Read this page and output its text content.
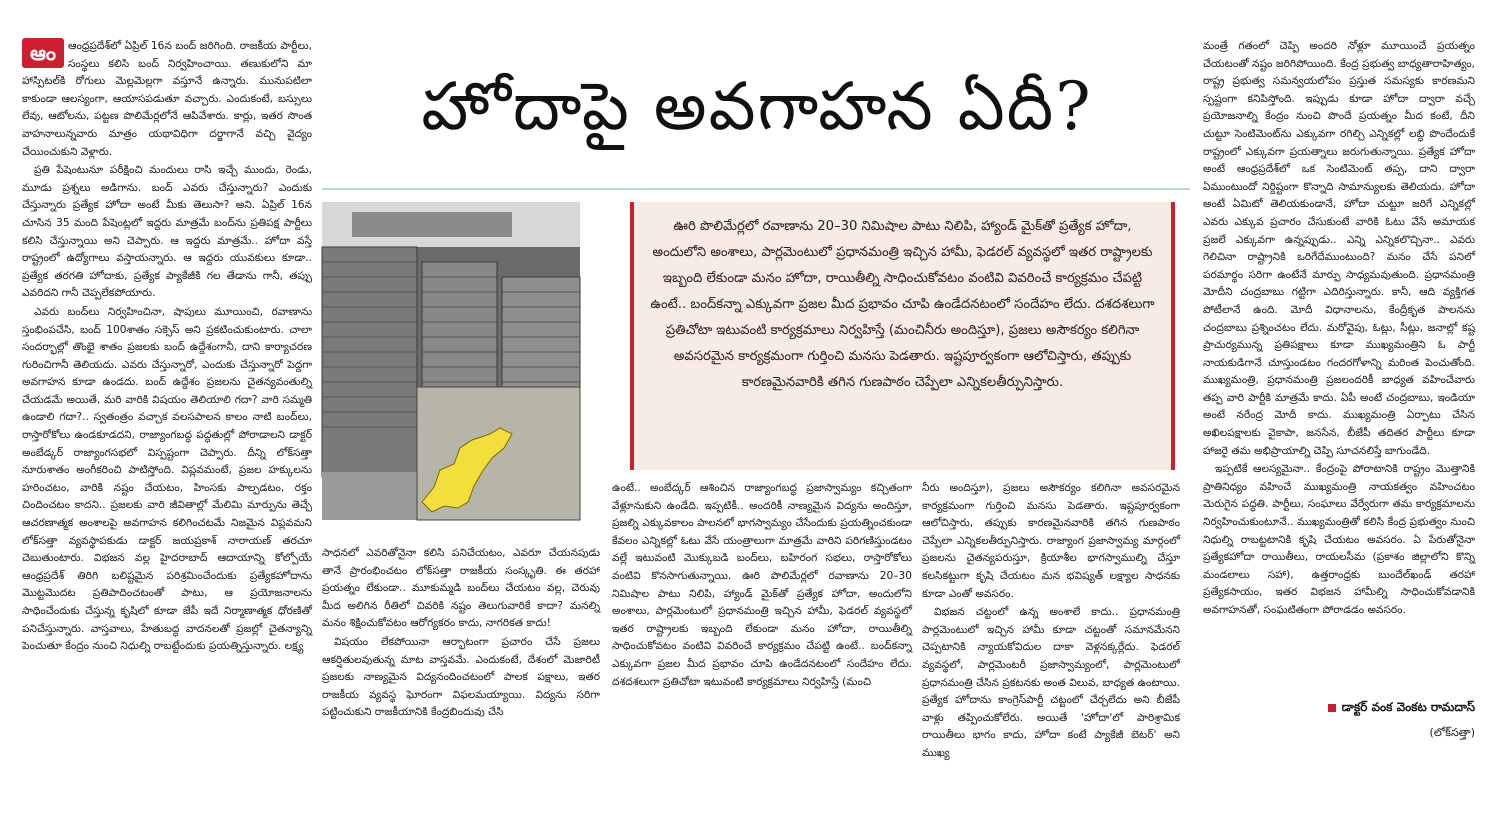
ఆం	ఆంధ్రప్రదేశ్‌లో ఏప్రిల్ 16న బంద్ జరిగింది. రాజకీయ పార్టీలు, సంస్థలు కలిసి బంద్ నిర్వహించాయి. తణుకులోని మా హాస్పిటల్‌కి రోగులు మెల్లమెల్లగా వస్తూనే ఉన్నారు. మునుపటిలా కాకుండా ఆలస్యంగా, ఆయాసపడుతూ వచ్చారు. ఎందుకంటే, బస్సులు లేవు, ఆటోలను, పట్టణ పొలిమేర్లలోనే ఆపివేశారు. కార్లు, ఇతర సొంత వాహనాలున్నవారు మాత్రం యథావిధిగా దర్జాగానే వచ్చి వైద్యం చేయించుకుని వెళ్లారు.

ప్రతి పేషెంటునూ పరీక్షించి మందులు రాసి ఇచ్చే ముందు, రెండు, మూడు ప్రశ్నలు అడిగాను. బంద్ ఎవరు చేస్తున్నారు? ఎందుకు చేస్తున్నారు ప్రత్యేక హోదా అంటే మీకు తెలుసా? అని. ఏప్రిల్ 16న చూసిన 35 మంది పేషెంట్లలో ఇద్దరు మాత్రమే బంద్‌ను ప్రతిపక్ష పార్టీలు కలిసి చేస్తున్నాయి అని చెప్పారు. ఆ ఇద్దరు మాత్రమే.. హోదా వస్తే రాష్ట్రంలో ఉద్యోగాలు వస్తాయన్నారు. ఆ ఇద్దరు యువకులు కూడా.. ప్రత్యేక తరగతి హోదాకు, ప్రత్యేక ప్యాకేజీకి గల తేడాను గానీ, తప్పు ఎవరిదని గానీ చెప్పలేకపోయారు.

ఎవరు బంద్‌లు నిర్వహించినా, షాపులు మూయించి, రవాణాను స్తంభింపచేసి, బంద్ 100శాతం సక్సెస్ అని ప్రకటించుకుంటారు. చాలా సందర్భాల్లో తొంభై శాతం ప్రజలకు బంద్ ఉద్దేశంగానీ, దాని కార్యాచరణ గురించిగానీ తెలియదు. ఎవరు చేస్తున్నారో, ఎందుకు చేస్తున్నారో పెద్దగా అవగాహన కూడా ఉండదు. బంద్ ఉద్దేశం ప్రజలను చైతన్యవంతుల్ని చేయడమే అయితే, మరి వారికి విషయం తెలియాలి గదా? వారి సమ్మతి ఉండాలి గదా?.. స్వతంత్రం వచ్చాక వలసపాలన కాలం నాటి బంద్‌లు, రాస్తారోకోలు ఉండకూడదని, రాజ్యాంగబద్ధ పద్ధతుల్లో పోరాడాలని డాక్టర్ అంబేడ్కర్ రాజ్యాంగసభలో విస్పష్టంగా చెప్పారు. దీన్ని లోక్‌సత్తా నూరుశాతం అంగీకరించి పాటిస్తోంది. విప్లవమంటే, ప్రజల హక్కులను హరించటం, వారికి నష్టం చేయటం, హింసకు పాల్పడటం, రక్తం చిందించటం కాదని.. ప్రజలకు వారి జీవితాల్లో మేలిమి మార్పును తెచ్చే ఆచరణాత్మక అంశాలపై అవగాహన కలిగించటమే నిజమైన విప్లవమని లోక్‌సత్తా వ్యవస్థాపకుడు డాక్టర్ జయప్రకాశ్ నారాయణ్ తరచూ చెబుతుంటారు. విభజన వల్ల హైదరాబాద్ ఆదాయాన్ని కోల్పోయే ఆంధ్రప్రదేశ్ తిరిగి బలిష్టమైన పరిశ్రమించేందుకు ప్రత్యేకహోదాను మొట్టమొదట ప్రతిపాదించటంతో పాటు, ఆ ప్రయోజనాలను సాధించేందుకు చేస్తున్న కృషిలో కూడా జేపీ ఇదే నిర్మాణాత్మక ధోరణితో పనిచేస్తున్నారు. వాస్తవాలు, హేతుబద్ధ వాదనలతో ప్రజల్లో చైతన్యాన్ని పెంచుతూ కేంద్రం నుంచి నిధుల్ని రాబట్టేందుకు ప్రయత్నిస్తున్నారు. లక్ష్య

హోదాపై అవగాహన ఏదీ?
ఊరి పొలిమేర్లలో రవాణాను 20–30 నిమిషాల పాటు నిలిపి, హ్యాండ్ మైక్‌తో ప్రత్యేక హోదా, అందులోని అంశాలు, పార్లమెంటులో ప్రధానమంత్రి ఇచ్చిన హామీ, ఫెడరల్ వ్యవస్థలో ఇతర రాష్ట్రాలకు ఇబ్బంది లేకుండా మనం హోదా, రాయితీల్ని సాధించుకోవటం వంటివి వివరించే కార్యక్రమం చేపట్టి ఉంటే.. బంద్‌కన్నా ఎక్కువగా ప్రజల మీద ప్రభావం చూపి ఉండేదనటంలో సందేహం లేదు. దశదశలుగా ప్రతిచోటా ఇటువంటి కార్యక్రమాలు నిర్వహిస్తే (మంచినీరు అందిస్తూ), ప్రజలు అసౌకర్యం కలిగినా అవసరమైన కార్యక్రమంగా గుర్తించి మనసు పెడతారు. ఇష్టపూర్వకంగా ఆలోచిస్తారు, తప్పుకు కారణమైనవారికి తగిన గుణపాఠం చెప్పేలా ఎన్నికలతీర్పునిస్తారు.

సాధనలో ఎవరితోనైనా కలిసి పనిచేయటం, ఎవరూ చేయనపుడు తానే ప్రారంభించటం లోక్‌సత్తా రాజకీయ సంస్కృతి. ఈ తరహా ప్రయత్నం లేకుండా.. మూకుమ్మడి బంద్‌లు చేయటం వల్ల, చెరువు మీద అలిగిన రీతిలో చివరికి నష్టం తెలుగువారికే కాదా? మనల్ని మనం శిక్షించుకోవటం ఆరోగ్యకరం కాదు, నాగరికత కాదు!

విషయం లేకపోయినా ఆర్భాటంగా ప్రచారం చేసే ప్రజలు ఆకర్షితులవుతున్న మాట వాస్తవమే. ఎందుకంటే, దేశంలో మెజారిటీ ప్రజలకు నాణ్యమైన విద్యనందించటంలో పాలక పక్షాలు, ఇతర రాజకీయ వ్యవస్థ ఘోరంగా విఫలమయ్యాయి. విద్యను సరిగా పట్టించుకుని రాజకీయానికి కేంద్రబిందువు చేసి

ఉంటే.. అంబేద్కర్ ఆశించిన రాజ్యాంగబద్ధ ప్రజాస్వామ్యం కచ్చితంగా వేళ్లూనుకుని ఉండేది. ఇప్పటికీ.. అందరికీ నాణ్యమైన విద్యను అందిస్తూ, ప్రజల్ని ఎక్కువకాలం పాలనలో భాగస్వామ్యం చేసేందుకు ప్రయత్నించకుండా కేవలం ఎన్నికల్లో ఓటు వేసే యంత్రాలుగా మాత్రమే వారిని పరిగణిస్తుండటం వల్లే ఇటువంటి మొక్కుబడి బంద్‌లు, బహిరంగ సభలు, రాస్తారోకోలు వంటివి కొనసాగుతున్నాయి. ఊరి పొలిమేర్లలో రవాణాను 20–30 నిమిషాల పాటు నిలిపి, హ్యాండ్ మైక్‌తో ప్రత్యేక హోదా, అందులోని అంశాలు, పార్లమెంటులో ప్రధానమంత్రి ఇచ్చిన హామీ, ఫెడరల్ వ్యవస్థలో ఇతర రాష్ట్రాలకు ఇబ్బంది లేకుండా మనం హోదా, రాయితీల్ని సాధించుకోవటం వంటివి వివరించే కార్యక్రమం చేపట్టి ఉంటే.. బంద్‌కన్నా ఎక్కువగా ప్రజల మీద ప్రభావం చూపి ఉండేదనటంలో సందేహం లేదు. దశదశలుగా ప్రతిచోటా ఇటువంటి కార్యక్రమాలు నిర్వహిస్తే (మంచి

నీరు అందిస్తూ), ప్రజలు అసౌకర్యం కలిగినా అవసరమైన కార్యక్రమంగా గుర్తించి మనసు పెడతారు. ఇష్టపూర్వకంగా ఆలోచిస్తారు, తప్పుకు కారణమైనవారికి తగిన గుణపాఠం చెప్పేలా ఎన్నికలతీర్పునిస్తారు. రాజ్యాంగ ప్రజాస్వామ్య మార్గంలో ప్రజలను చైతన్యపరుస్తూ, క్రియాశీల భాగస్వాముల్ని చేస్తూ కలసికట్టుగా కృషి చేయటం మన భవిష్యత్ లక్ష్యాల సాధనకు కూడా ఎంతో అవసరం.

విభజన చట్టంలో ఉన్న అంశాలే కాదు.. ప్రధానమంత్రి పార్లమెంటులో ఇచ్చిన హామీ కూడా చట్టంతో సమానమేనని చెప్పటానికి న్యాయకోవిదుల దాకా వెళ్లనక్కర్లేదు. ఫెడరల్ వ్యవస్థలో, పార్లమెంటరీ ప్రజాస్వామ్యంలో, పార్లమెంటులో ప్రధానమంత్రి చేసిన ప్రకటనకు అంత విలువ, బాధ్యత ఉంటాయి. ప్రత్యేక హోదాను కాంగ్రెస్‌పార్టీ చట్టంలో చేర్చలేదు అని బీజేపీ వాళ్లు తప్పించుకోలేరు. అయితే 'హోదా'లో పారిశ్రామిక రాయితీలు భాగం కాదు, హోదా కంటే ప్యాకేజీ బెటర్' అని ముఖ్య

మంత్రే గతంలో చెప్పి అందరి నోళ్లూ మూయించే ప్రయత్నం చేయటంతో నష్టం జరిగిపోయింది. కేంద్ర ప్రభుత్వ బాధ్యతారాహిత్యం, రాష్ట్ర ప్రభుత్వ సమన్వయలోపం ప్రస్తుత సమస్యకు కారణమని స్పష్టంగా కనిపిస్తోంది. ఇప్పుడు కూడా హోదా ద్వారా వచ్చే ప్రయోజనాల్ని కేంద్రం నుంచి పొందే ప్రయత్నం మీద కంటే, దీని చుట్టూ సెంటిమెంట్‌ను ఎక్కువగా రగిల్చి ఎన్నికల్లో లబ్ధి పొందేందుకే రాష్ట్రంలో ఎక్కువగా ప్రయత్నాలు జరుగుతున్నాయి. ప్రత్యేక హోదా అంటే ఆంధ్రప్రదేశ్‌లో ఒక సెంటిమెంట్ తప్ప, దాని ద్వారా ఏముంటుందో నిర్దిష్టంగా కొన్నాది సామాన్యులకు తెలియదు. హోదా అంటే ఏమిటో తెలియకుండానే, హోదా చుట్టూ జరిగే ఎన్నికల్లో ఎవరు ఎక్కువ ప్రచారం చేసుకుంటే వారికి ఓటు వేసే అమాయక ప్రజలే ఎక్కువగా ఉన్నప్పుడు.. ఎన్ని ఎన్నికలొచ్చినా.. ఎవరు గెలిచినా రాష్ట్రానికి ఒరిగేదేముంటుంది? మనం చేసే పనిలో పరమార్థం సరిగా ఉంటేనే మార్పు సాధ్యమవుతుంది. ప్రధానమంత్రి మోదీని చంద్రబాబు గట్టిగా ఎదిరిస్తున్నారు. కానీ, ఆది వ్యక్తిగత పోటీలానే ఉంది. మోదీ విధానాలను, కేంద్రీకృత పాలనను చంద్రబాబు ప్రశ్నించటం లేదు. మరోవైపు, ఓట్లు, సీట్లు, జనాల్లో కష్ట ప్రాచుర్యమున్న ప్రతిపక్షాలు కూడా ముఖ్యమంత్రిని ఓ పార్టీ నాయకుడిగానే చూస్తుండటం గందరగోళాన్ని మరింత పెంచుతోంది. ముఖ్యమంత్రి, ప్రధానమంత్రి ప్రజలందరికీ బాధ్యత వహించేవారు తప్ప వారి పార్టీకి మాత్రమే కాదు. ఏపీ అంటే చంద్రబాబు, ఇండియా అంటే నరేంద్ర మోదీ కాదు. ముఖ్యమంత్రి ఏర్పాటు చేసిన అఖిలపక్షాలకు వైకాపా, జనసేన, బీజేపీ తదితర పార్టీలు కూడా హాజరై తమ అభిప్రాయాల్ని చెప్పి సూచనలిస్తే బాగుండేది.

ఇప్పటికే ఆలస్యమైనా.. కేంద్రంపై పోరాటానికి రాష్ట్రం మొత్తానికి ప్రాతినిధ్యం వహించే ముఖ్యమంత్రి నాయకత్వం వహించటం మెరుగైన పద్ధతి. పార్టీలు, సంఘాలు వేర్వేరుగా తమ కార్యక్రమాలను నిర్వహించుకుంటూనే.. ముఖ్యమంత్రితో కలిసి కేంద్ర ప్రభుత్వం నుంచి నిధుల్ని రాబట్టటానికి కృషి చేయటం అవసరం. ఏ పేరుతోనైనా ప్రత్యేకహోదా రాయితీలు, రాయలసీమ (ప్రకాశం జిల్లాలోని కొన్ని మండలాలు సహా), ఉత్తరాంధ్రకు బుందేల్‌ఖండ్ తరహా ప్రత్యేకసాయం, ఇతర విభజన హామీల్ని సాధించుకోవడానికి అవగాహనతో, సంఘటితంగా పోరాడడం అవసరం.

డాక్టర్ వంక వెంకట రామదాస్
(లోక్‌సత్తా)
